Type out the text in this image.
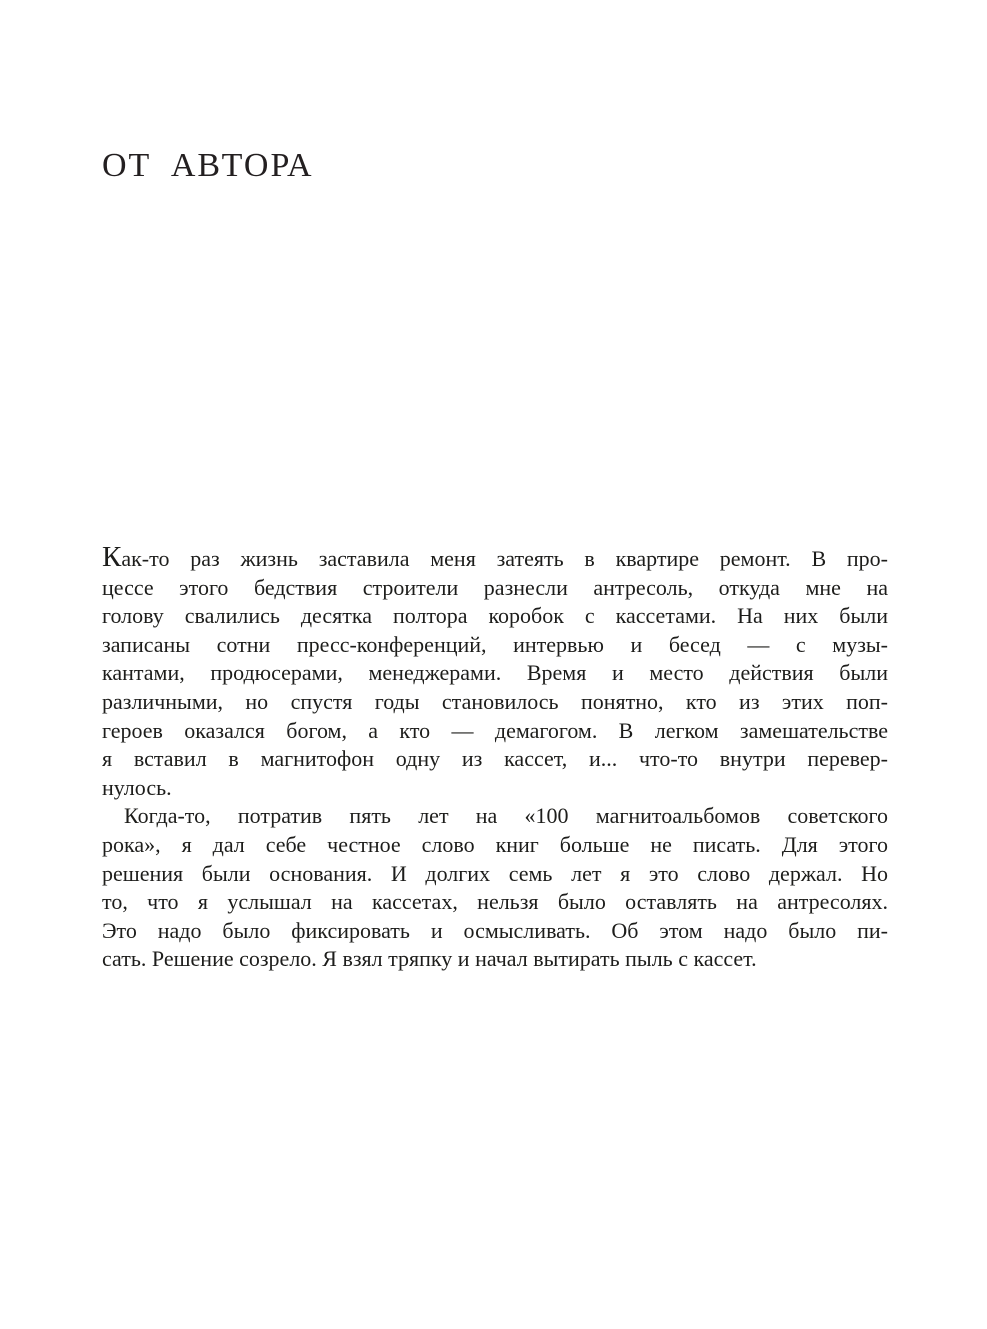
ОТ АВТОРА
Как-то раз жизнь заставила меня затеять в квартире ремонт. В про-
цессе этого бедствия строители разнесли антресоль, откуда мне на
голову свалились десятка полтора коробок с кассетами. На них были
записаны сотни пресс-конференций, интервью и бесед — с музы-
кантами, продюсерами, менеджерами. Время и место действия были
различными, но спустя годы становилось понятно, кто из этих поп-
героев оказался богом, а кто — демагогом. В легком замешательстве
я вставил в магнитофон одну из кассет, и... что-то внутри перевер-
нулось.
Когда-то, потратив пять лет на «100 магнитоальбомов советского
рока», я дал себе честное слово книг больше не писать. Для этого
решения были основания. И долгих семь лет я это слово держал. Но
то, что я услышал на кассетах, нельзя было оставлять на антресолях.
Это надо было фиксировать и осмысливать. Об этом надо было пи-
сать. Решение созрело. Я взял тряпку и начал вытирать пыль с кассет.
